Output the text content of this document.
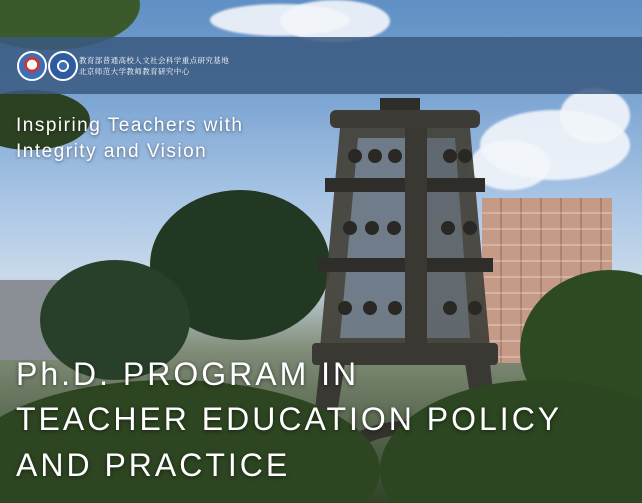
教育部普通高校人文社会科学重点研究基地
北京师范大学教师教育研究中心
Inspiring Teachers with
Integrity and Vision
Ph.D. PROGRAM IN
TEACHER EDUCATION POLICY
AND PRACTICE
